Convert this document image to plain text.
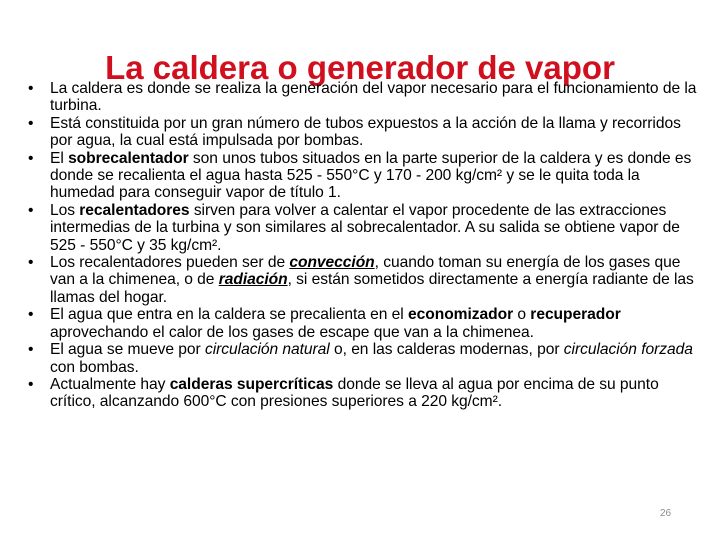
La caldera o generador de vapor
• La caldera es donde se realiza la generación del vapor necesario para el funcionamiento de la turbina.
• Está constituida por un gran número de tubos expuestos a la acción de la llama y recorridos por agua, la cual está impulsada por bombas.
• El sobrecalentador son unos tubos situados en la parte superior de la caldera y es donde es donde se recalienta el agua hasta 525 - 550°C y 170 - 200 kg/cm² y se le quita toda la humedad para conseguir vapor de título 1.
• Los recalentadores sirven para volver a calentar el vapor procedente de las extracciones intermedias de la turbina y son similares al sobrecalentador. A su salida se obtiene vapor de 525 - 550°C y 35 kg/cm².
• Los recalentadores pueden ser de convección, cuando toman su energía de los gases que van a la chimenea, o de radiación, si están sometidos directamente a energía radiante de las llamas del hogar.
• El agua que entra en la caldera se precalienta en el economizador o recuperador aprovechando el calor de los gases de escape que van a la chimenea.
• El agua se mueve por circulación natural o, en las calderas modernas, por circulación forzada con bombas.
• Actualmente hay calderas supercríticas donde se lleva al agua por encima de su punto crítico, alcanzando 600°C con presiones superiores a 220 kg/cm².
26
